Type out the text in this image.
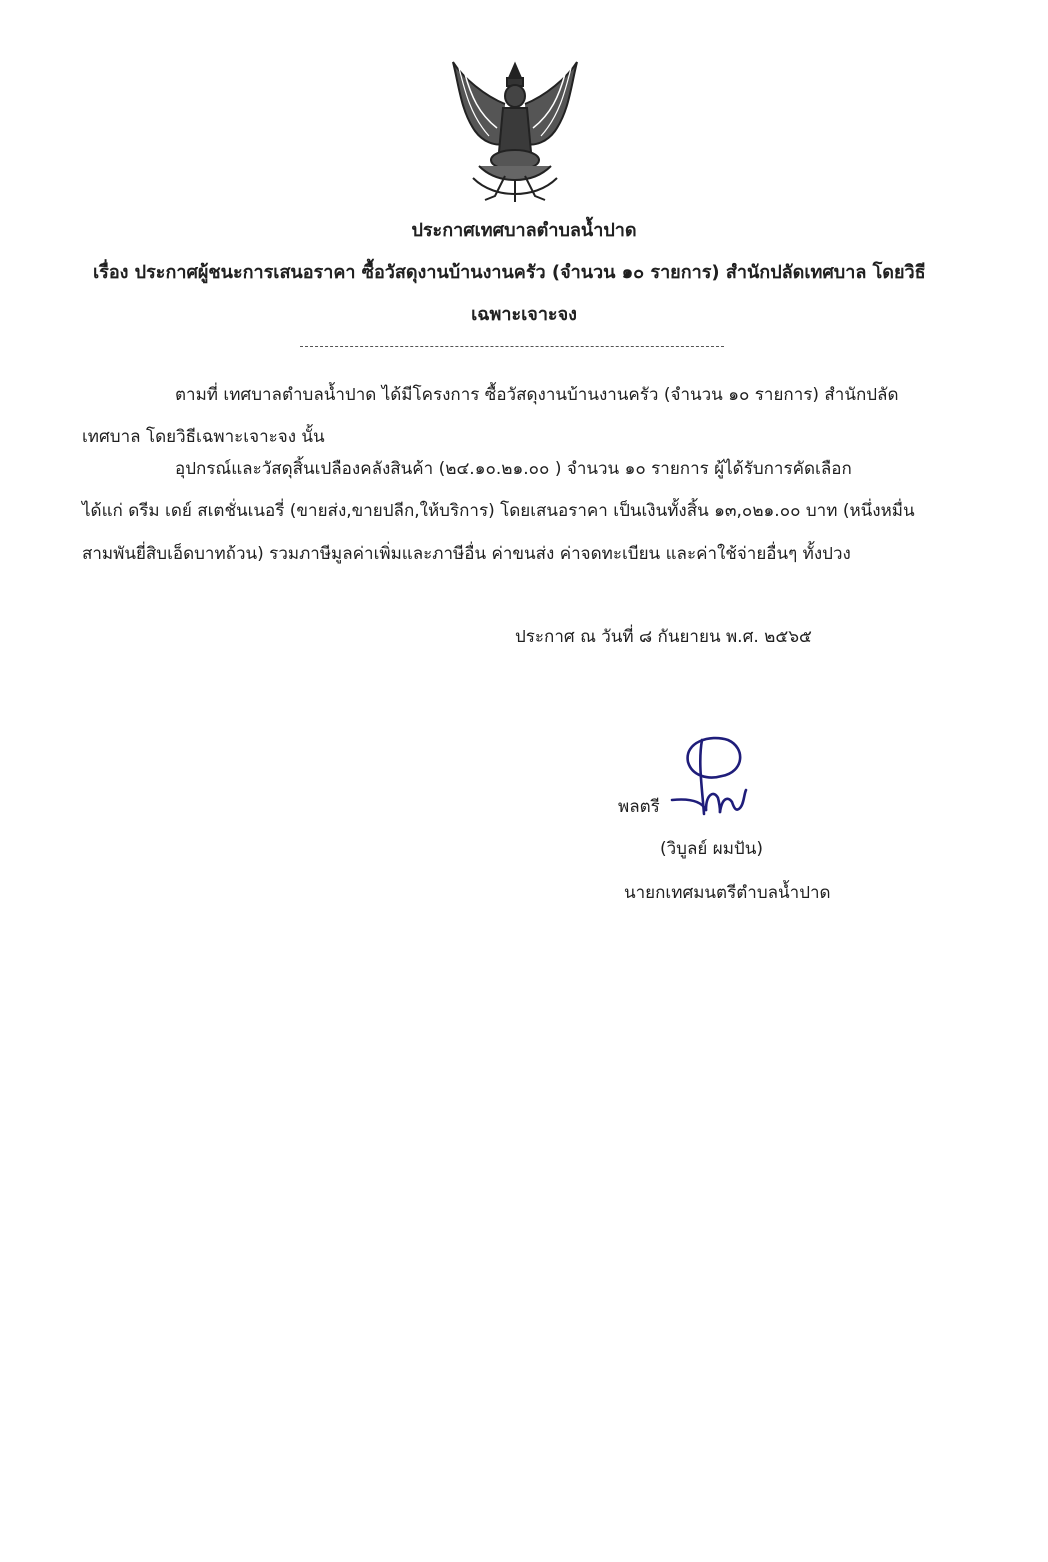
ประกาศเทศบาลตำบลน้ำปาด
เรื่อง ประกาศผู้ชนะการเสนอราคา ซื้อวัสดุงานบ้านงานครัว (จำนวน ๑๐ รายการ) สำนักปลัดเทศบาล โดยวิธี
เฉพาะเจาะจง
ตามที่ เทศบาลตำบลน้ำปาด ได้มีโครงการ ซื้อวัสดุงานบ้านงานครัว (จำนวน ๑๐ รายการ) สำนักปลัด
เทศบาล โดยวิธีเฉพาะเจาะจง นั้น
อุปกรณ์และวัสดุสิ้นเปลืองคลังสินค้า (๒๔.๑๐.๒๑.๐๐ ) จำนวน ๑๐ รายการ ผู้ได้รับการคัดเลือก
ได้แก่ ดรีม เดย์ สเตชั่นเนอรี่ (ขายส่ง,ขายปลีก,ให้บริการ) โดยเสนอราคา เป็นเงินทั้งสิ้น ๑๓,๐๒๑.๐๐ บาท (หนึ่งหมื่น
สามพันยี่สิบเอ็ดบาทถ้วน) รวมภาษีมูลค่าเพิ่มและภาษีอื่น ค่าขนส่ง ค่าจดทะเบียน และค่าใช้จ่ายอื่นๆ ทั้งปวง
ประกาศ ณ วันที่ ๘ กันยายน พ.ศ. ๒๕๖๕
พลตรี
(วิบูลย์ ผมปัน)
นายกเทศมนตรีตำบลน้ำปาด
